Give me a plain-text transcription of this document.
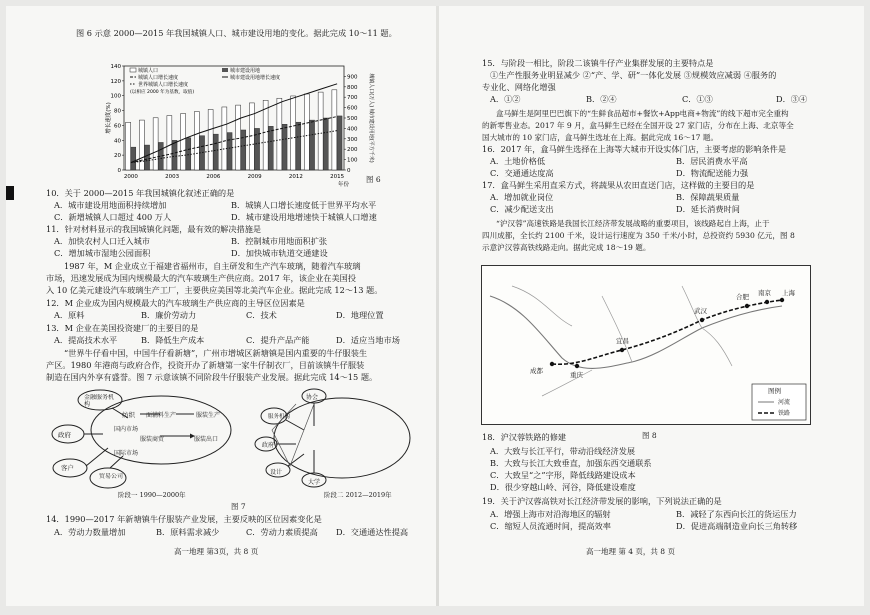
图 6 示意 2000—2015 年我国城镇人口、城市建设用地的变化。据此完成 10～11 题。
0
20
40
60
80
100
120
140
0
100
200
300
400
500
600
700
800
900
2000	2003	2006	2009	2012	2015
年份
增长速度(%)	城镇人口(万人) 城市建设用地(平方千米)
城镇人口
城镇人口增长速度
世界城镇人口增长速度
(以相应 2000 年为基数，取值)
城市建设用地
城市建设用地增长速度
图 6
10．关于 2000—2015 年我国城镇化叙述正确的是
A．城市建设用地面积持续增加	B．城镇人口增长速度低于世界平均水平
C．新增城镇人口超过 400 万人	D．城市建设用地增速快于城镇人口增速
11．针对材料显示的我国城镇化问题，最有效的解决措施是
A．加快农村人口迁入城市	B．控制城市用地面积扩张
C．增加城市湿地公园面积	D．加快城市轨道交通建设
1987 年，M 企业成立于福建省福州市，自主研发和生产汽车玻璃，随着汽车玻璃
市场，迅速发展成为国内规模最大的汽车玻璃生产供应商。2017 年，该企业在美国投
入 10 亿美元建设汽车玻璃生产工厂，主要供应美国等北美汽车企业。据此完成 12～13 题。
12．M 企业成为国内规模最大的汽车玻璃生产供应商的主导区位因素是
A．原料	B．廉价劳动力	C．技术	D．地理位置
13．M 企业在美国投资建厂的主要目的是
A．提高技术水平	B．降低生产成本	C．提升产品产能	D．适应当地市场
“世界牛仔看中国，中国牛仔看新塘”，广州市增城区新塘镇是国内重要的牛仔服装生
产区。1980 年港商与政府合作，投资开办了新塘第一家牛仔制衣厂，目前该镇牛仔服装
制造在国内外享有盛誉。图 7 示意该镇不同阶段牛仔服装产业发展。据此完成 14～15 题。
金融服务机构
政府
纺织 面辅料生产	服装生产
国内市场
服装商贸	服装出口
国际市场
客户
贸易公司
阶段一 1990—2000年
协会
政府
服务机构
设计
大学
阶段二 2012—2019年
图 7
14．1990—2017 年新塘镇牛仔服装产业发展，主要反映的区位因素变化是
A．劳动力数量增加	B．原料需求减少	C．劳动力素质提高 D．交通通达性提高
高一地理 第3页，共 8 页
15．与阶段一相比，阶段二该镇牛仔产业集群发展的主要特点是
①生产性服务业明显减少 ②“产、学、研”一体化发展 ③规模效应减弱 ④服务的
专业化、网络化增强
A．①②	B．②④	C．①③	D．③④
盒马鲜生是阿里巴巴旗下的“生鲜食品超市+餐饮+App电商+物流”的线下超市完全重构
的新零售业态。2017 年 9 月，盒马鲜生已经在全国开设 27 家门店，分布在上海、北京等全
国大城市的 10 家门店，盒马鲜生选址在上海。据此完成 16～17 题。
16．2017 年，盒马鲜生选择在上海等大城市开设实体门店，主要考虑的影响条件是
A．土地价格低	B．居民消费水平高
C．交通通达度高	D．物流配送能力强
17．盒马鲜生采用直采方式，将蔬果从农田直送门店，这样做的主要目的是
A．增加就业岗位	B．保障蔬果质量
C．减少配送支出	D．延长消费时间
“沪汉蓉”高速铁路是我国长江经济带发展战略的重要项目，该线路起自上海，止于
四川成都，全长约 2100 千米，设计运行速度为 350 千米/小时，总投资约 5930 亿元，图 8
示意沪汉蓉高铁线路走向。据此完成 18～19 题。
图 8
18．沪汉蓉铁路的修建
A．大致与长江平行，带动沿线经济发展
B．大致与长江大致垂直，加强东西交通联系
C．大致呈“之”字形，降低线路建设成本
D．很少穿越山岭、河谷，降低建设难度
19．关于沪汉蓉高铁对长江经济带发展的影响，下列说法正确的是
A．增强上海市对沿海地区的辐射	B．减轻了东西向长江的货运压力
C．缩短人员流通时间，提高效率	D．促进高端制造业向长三角转移
高一地理 第 4 页，共 8 页
成都	重庆
宜昌
武汉
合肥 南京 上海
图例
河流
铁路
